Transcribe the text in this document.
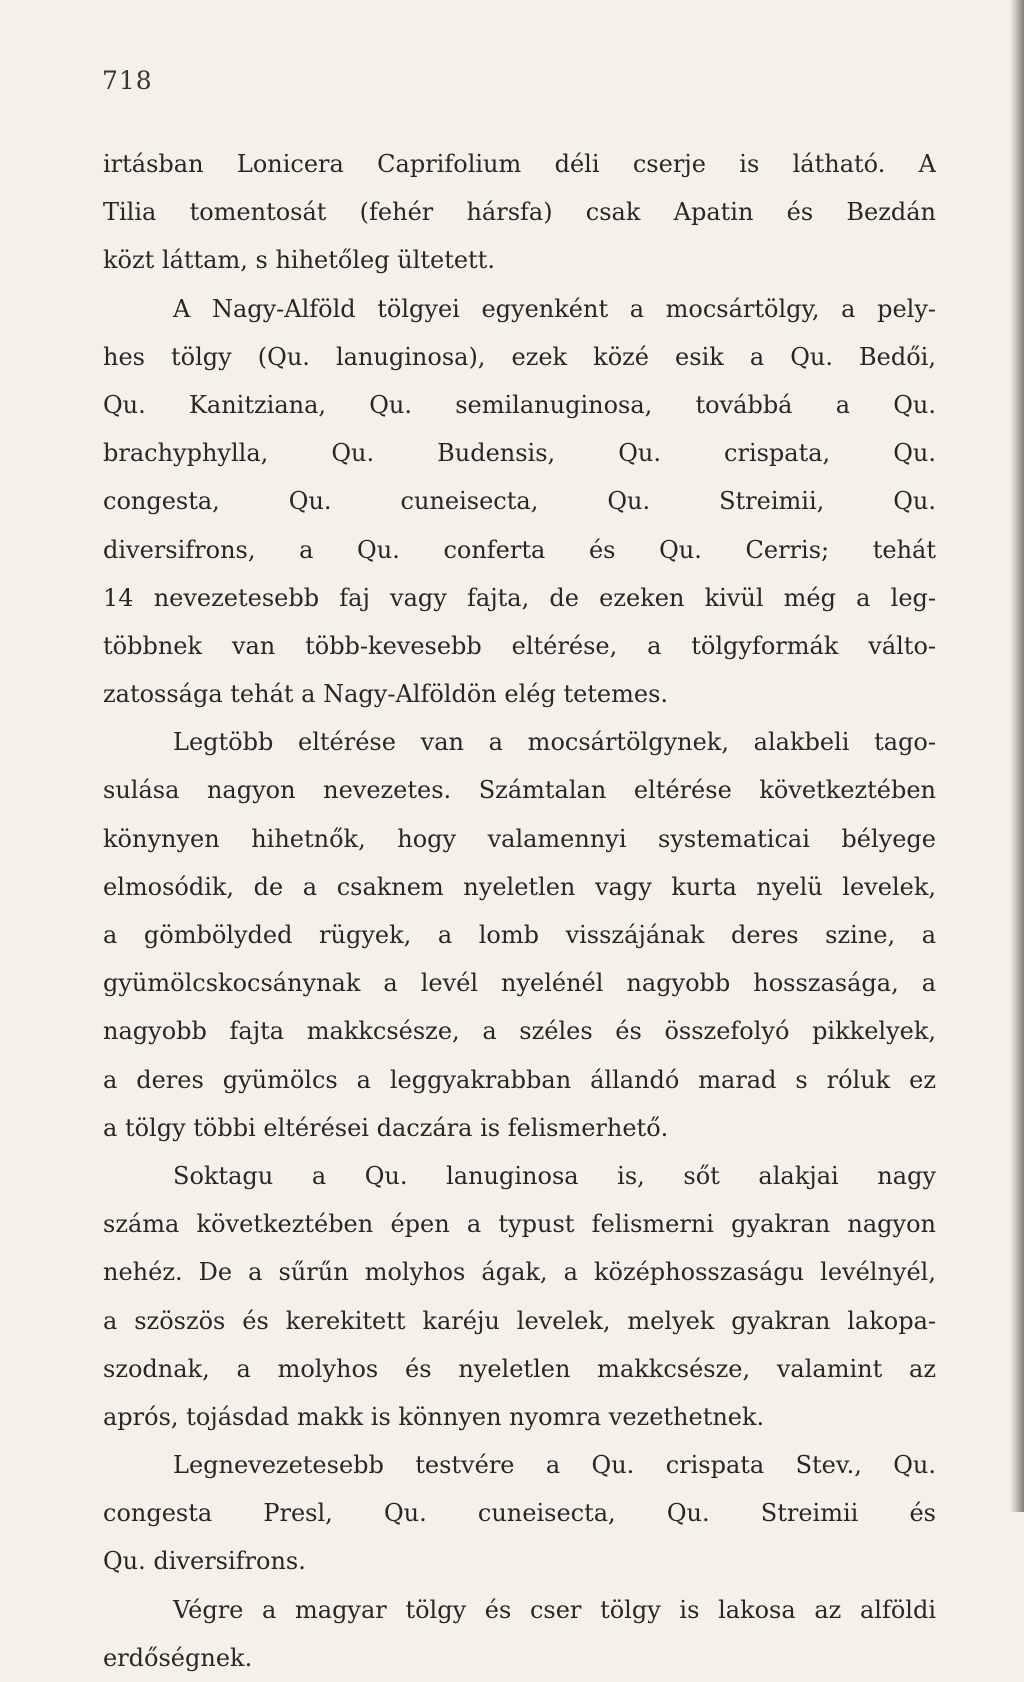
718
irtásban Lonicera Caprifolium déli cserje is látható. A
Tilia tomentosát (fehér hársfa) csak Apatin és Bezdán
közt láttam, s hihetőleg ültetett.
A Nagy-Alföld tölgyei egyenként a mocsártölgy, a pely-
hes tölgy (Qu. lanuginosa), ezek közé esik a Qu. Bedői,
Qu. Kanitziana, Qu. semilanuginosa, továbbá a Qu.
brachyphylla, Qu. Budensis, Qu. crispata, Qu.
congesta, Qu. cuneisecta, Qu. Streimii, Qu.
diversifrons, a Qu. conferta és Qu. Cerris; tehát
14 nevezetesebb faj vagy fajta, de ezeken kivül még a leg-
többnek van több-kevesebb eltérése, a tölgyformák válto-
zatossága tehát a Nagy-Alföldön elég tetemes.
Legtöbb eltérése van a mocsártölgynek, alakbeli tago-
sulása nagyon nevezetes. Számtalan eltérése következtében
könynyen hihetnők, hogy valamennyi systematicai bélyege
elmosódik, de a csaknem nyeletlen vagy kurta nyelü levelek,
a gömbölyded rügyek, a lomb visszájának deres szine, a
gyümölcskocsánynak a levél nyelénél nagyobb hosszasága, a
nagyobb fajta makkcsésze, a széles és összefolyó pikkelyek,
a deres gyümölcs a leggyakrabban állandó marad s róluk ez
a tölgy többi eltérései daczára is felismerhető.
Soktagu a Qu. lanuginosa is, sőt alakjai nagy
száma következtében épen a typust felismerni gyakran nagyon
nehéz. De a sűrűn molyhos ágak, a középhosszaságu levélnyél,
a szöszös és kerekitett karéju levelek, melyek gyakran lakopa-
szodnak, a molyhos és nyeletlen makkcsésze, valamint az
aprós, tojásdad makk is könnyen nyomra vezethetnek.
Legnevezetesebb testvére a Qu. crispata Stev., Qu.
congesta Presl, Qu. cuneisecta, Qu. Streimii és
Qu. diversifrons.
Végre a magyar tölgy és cser tölgy is lakosa az alföldi
erdőségnek.
